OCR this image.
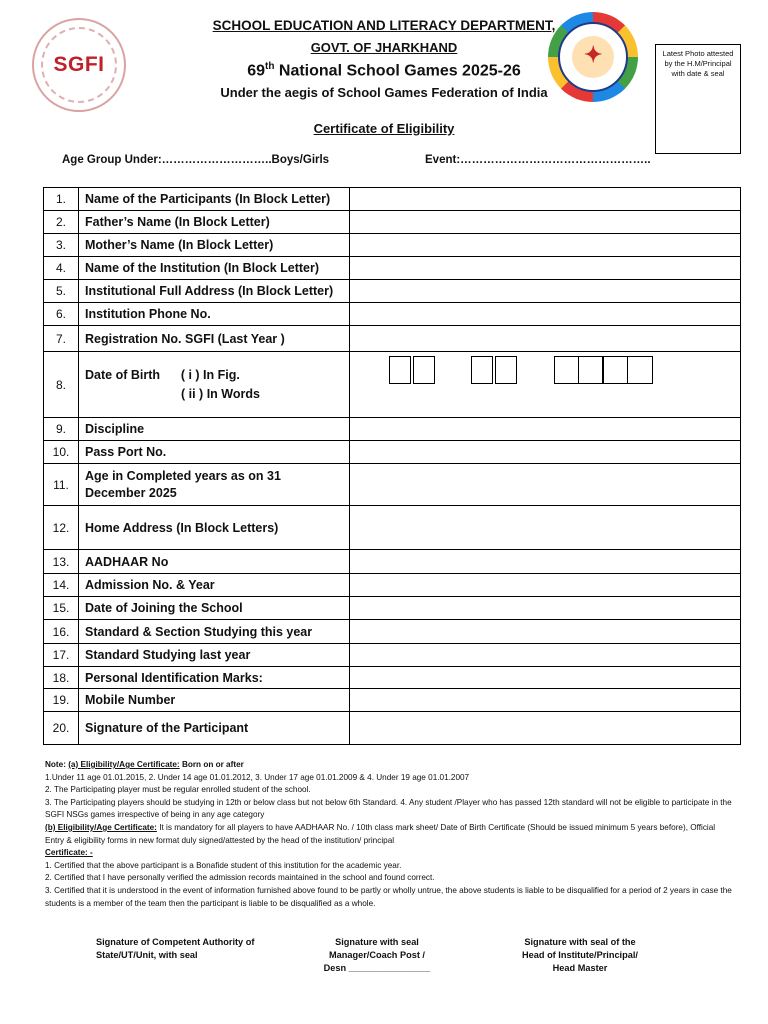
SGFI	✦	Latest Photo attested by the H.M/Principal with date & seal
SCHOOL EDUCATION AND LITERACY DEPARTMENT,
GOVT. OF JHARKHAND
69th National School Games 2025-26
Under the aegis of School Games Federation of India
Certificate of Eligibility
Age Group Under:………………………..Boys/Girls	Event:…………………………………………..
1.	Name of the Participants (In Block Letter)	
2.	Father’s Name (In Block Letter)	
3.	Mother’s Name (In Block Letter)	
4.	Name of the Institution (In Block Letter)	
5.	Institutional Full Address (In Block Letter)	
6.	Institution Phone No.	
7.	Registration No. SGFI (Last Year )	
8.	Date of Birth ( i ) In Fig.
( ii ) In Words	

9.	Discipline	
10.	Pass Port No.	
11.	Age in Completed years as on 31 December 2025	
12.	Home Address (In Block Letters)	
13.	AADHAAR No	
14.	Admission No. & Year	
15.	Date of Joining the School	
16.	Standard & Section Studying this year	
17.	Standard Studying last year	
18.	Personal Identification Marks:	
19.	Mobile Number	
20.	Signature of the Participant	

Note: (a) Eligibility/Age Certificate: Born on or after

1.Under 11 age 01.01.2015, 2. Under 14 age 01.01.2012, 3. Under 17 age 01.01.2009 & 4. Under 19 age 01.01.2007

2. The Participating player must be regular enrolled student of the school.

3. The Participating players should be studying in 12th or below class but not below 6th Standard. 4. Any student /Player who has passed 12th standard will not be eligible to participate in the SGFI NSGs games irrespective of being in any age category

(b) Eligibility/Age Certificate: It is mandatory for all players to have AADHAAR No. / 10th class mark sheet/ Date of Birth Certificate (Should be issued minimum 5 years before), Official Entry & eligibility forms in new format duly signed/attested by the head of the institution/ principal

Certificate: -

1. Certified that the above participant is a Bonafide student of this institution for the academic year.

2. Certified that I have personally verified the admission records maintained in the school and found correct.

3. Certified that it is understood in the event of information furnished above found to be partly or wholly untrue, the above students is liable to be disqualified for a period of 2 years in case the students is a member of the team then the participant is liable to be disqualified as a whole.

Signature of Competent Authority of
State/UT/Unit, with seal
Signature with seal
Manager/Coach Post /
Desn ________________
Signature with seal of the
Head of Institute/Principal/
Head Master
